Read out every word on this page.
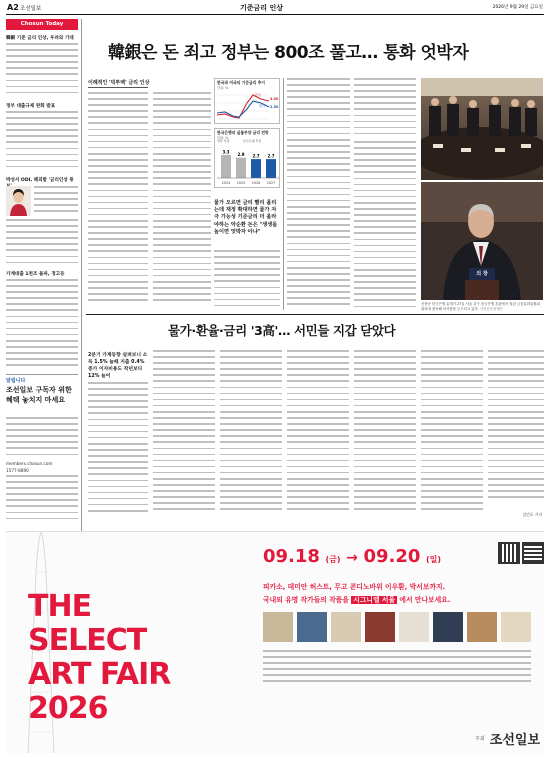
A2 조선일보	기준금리 인상	2026년 9월 29일 금요일
Chosun Today
韓銀 기준 금리 인상, 우려와 기대
정부 대출규제 완화 발표
박성서 ODI, 헤외발 '금리인상 통
가계대출 1천조 돌파, 경고등
알립니다
조선일보 구독자 위한 혜택 놓치지 마세요
members.chosun.com
1577-8890
韓銀은 돈 죄고 정부는 800조 풀고… 통화 엇박자
이례적인 '빅투백' 금리 인상	한국과 미국의 기준금리 추이
단위: %
미국
한국
3.00
2.50
한국은행의 실물부양 금리 전망
단위: %
정부 추정	한국은행 추정
3.3
2024
2.9
2025
2.7
2026
2.7
2027
물가 오르면 금리 빨리 올리는데 재정 확대하면 물가 자극 가능성 기준금리 더 올라야하는 악순환 돈은 "생생돌 높이면 엇박자 아냐"
의 장
신현송 한국은행 총재가 27일 서울 중구 한국은행 본관에서 열린 금융통화위원회 회의에 참석해 의사봉을 두드리고 있다. 사진공동취재단
물가·환율·금리 '3高'… 서민들 지갑 닫았다
2분기 가계동향 살펴보니 소득 1.5% 늘때 지출 0.4% 증가 이자비용도 작년보다 12% 늘어
김민호 기자
THE
SELECT
ART FAIR
2026
09.18 (금) → 09.20 (일)
피카소, 데미안 허스트, 무고 콘디노바위 이우환, 박서보까지.
국내외 유명 작가들의 작품을 시그니엘 서울 에서 만나보세요.
주최 조선일보
